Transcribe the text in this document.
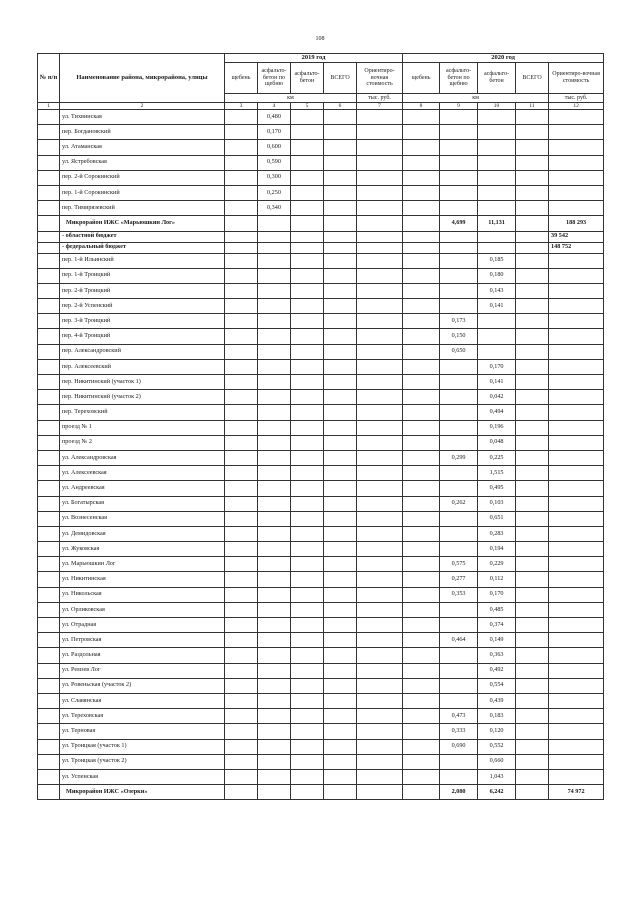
108
№ п/п	Наименование района, микрорайона, улицы	2019 год					2020 год				
		щебень	асфальто-бетон по щебню	асфальто-бетон	ВСЕГО	Ориентиро-вочная стоимость	щебень	асфальто-бетон по щебню	асфальто-бетон	ВСЕГО	Ориентиро-вочная стоимость
		км				тыс. руб.	км				тыс. руб.
1	2	3	4	5	6	7	8	9	10	11	12
	ул. Тихвинская		0,480								
	пер. Богдановский		0,170								
	ул. Атаманская		0,600								
	ул. Ястребовская		0,590								
	пер. 2-й Сорокинский		0,300								
	пер. 1-й Сорокинский		0,250								
	пер. Тимирязевский		0,340								
	Микрорайон ИЖС «Марьюшкин Лог»							4,699	11,131		188 293
	- областной бюджет										39 542
	- федеральный бюджет										148 752
	пер. 1-й Ильинский								0,185		
	пер. 1-й Троицкий								0,180		
	пер. 2-й Троицкий								0,143		
	пер. 2-й Успенский								0,141		
	пер. 3-й Троицкий							0,173			
	пер. 4-й Троицкий							0,150			
	пер. Александровский							0,650			
	пер. Алексеевский								0,170		
	пер. Никитинский (участок 1)								0,141		
	пер. Никитинский (участок 2)								0,042		
	пер. Тереховский								0,494		
	проезд № 1								0,196		
	проезд № 2								0,048		
	ул. Александровская							0,299	0,225		
	ул. Алексеевская								1,515		
	ул. Андреевская								0,495		
	ул. Богатырская							0,262	0,103		
	ул. Вознесенская								0,651		
	ул. Демидовская								0,283		
	ул. Жуковская								0,194		
	ул. Марьюшкин Лог							0,575	0,229		
	ул. Никитинская							0,277	0,112		
	ул. Никольская							0,353	0,170		
	ул. Орликовская								0,485		
	ул. Отрадная								0,374		
	ул. Петровская							0,464	0,149		
	ул. Раздольная								0,363		
	ул. Ремзев Лог								0,492		
	ул. Ровеньская (участок 2)								0,554		
	ул. Славянская								0,439		
	ул. Тереховская							0,473	0,183		
	ул. Терновая							0,333	0,120		
	ул. Троицкая (участок 1)							0,690	0,552		
	ул. Троицкая (участок 2)								0,660		
	ул. Успенская								1,043		
	Микрорайон ИЖС «Озерки»							2,080	6,242		74 972
